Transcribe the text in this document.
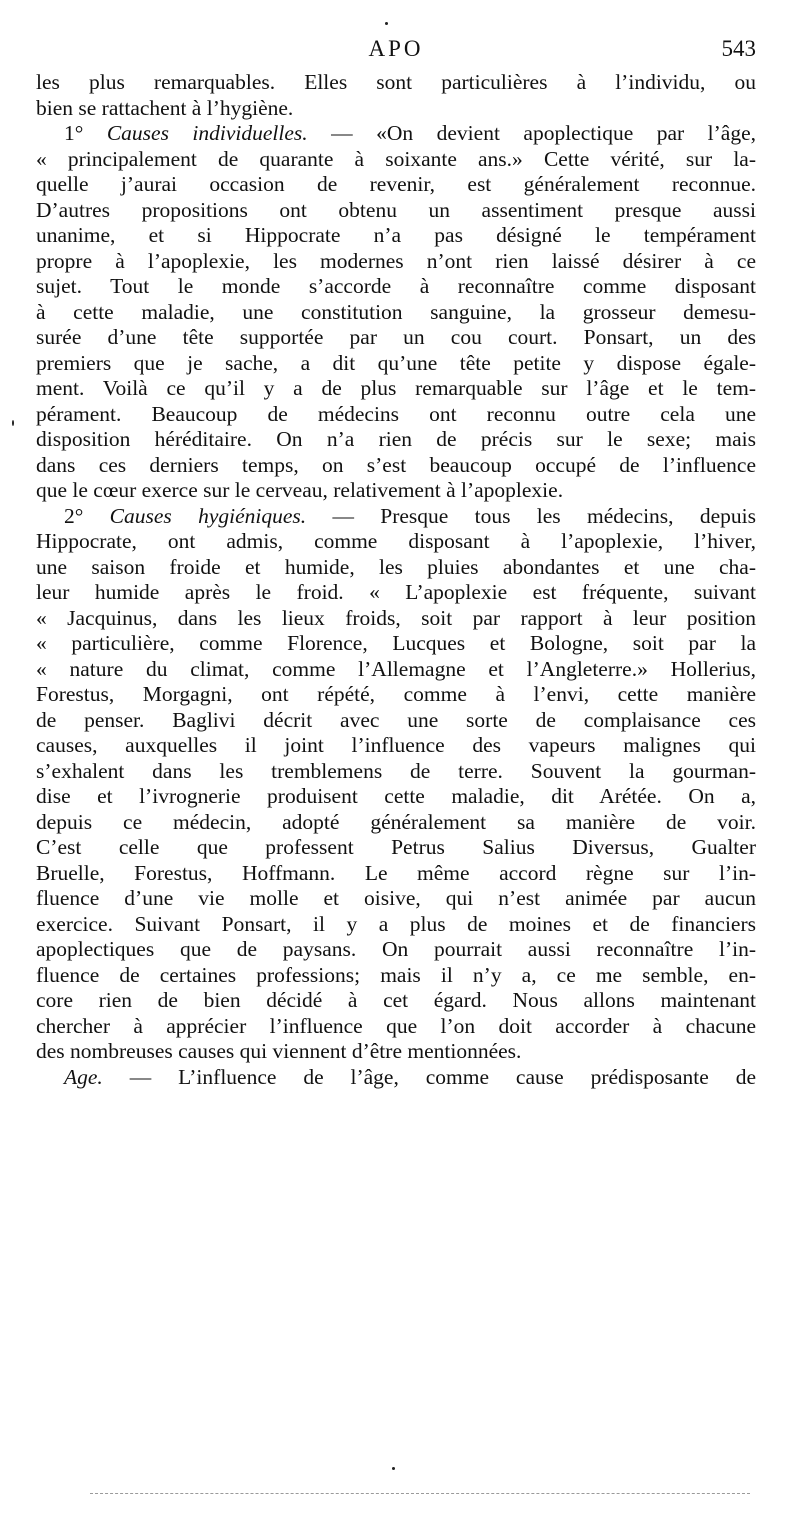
APO	543
les plus remarquables. Elles sont particulières à l’individu, ou
bien se rattachent à l’hygiène.
1° Causes individuelles. — «On devient apoplectique par l’âge,
« principalement de quarante à soixante ans.» Cette vérité, sur la-
quelle j’aurai occasion de revenir, est généralement reconnue.
D’autres propositions ont obtenu un assentiment presque aussi
unanime, et si Hippocrate n’a pas désigné le tempérament
propre à l’apoplexie, les modernes n’ont rien laissé désirer à ce
sujet. Tout le monde s’accorde à reconnaître comme disposant
à cette maladie, une constitution sanguine, la grosseur demesu-
surée d’une tête supportée par un cou court. Ponsart, un des
premiers que je sache, a dit qu’une tête petite y dispose égale-
ment. Voilà ce qu’il y a de plus remarquable sur l’âge et le tem-
pérament. Beaucoup de médecins ont reconnu outre cela une
disposition héréditaire. On n’a rien de précis sur le sexe; mais
dans ces derniers temps, on s’est beaucoup occupé de l’influence
que le cœur exerce sur le cerveau, relativement à l’apoplexie.
2° Causes hygiéniques. — Presque tous les médecins, depuis
Hippocrate, ont admis, comme disposant à l’apoplexie, l’hiver,
une saison froide et humide, les pluies abondantes et une cha-
leur humide après le froid. « L’apoplexie est fréquente, suivant
« Jacquinus, dans les lieux froids, soit par rapport à leur position
« particulière, comme Florence, Lucques et Bologne, soit par la
« nature du climat, comme l’Allemagne et l’Angleterre.» Hollerius,
Forestus, Morgagni, ont répété, comme à l’envi, cette manière
de penser. Baglivi décrit avec une sorte de complaisance ces
causes, auxquelles il joint l’influence des vapeurs malignes qui
s’exhalent dans les tremblemens de terre. Souvent la gourman-
dise et l’ivrognerie produisent cette maladie, dit Arétée. On a,
depuis ce médecin, adopté généralement sa manière de voir.
C’est celle que professent Petrus Salius Diversus, Gualter
Bruelle, Forestus, Hoffmann. Le même accord règne sur l’in-
fluence d’une vie molle et oisive, qui n’est animée par aucun
exercice. Suivant Ponsart, il y a plus de moines et de financiers
apoplectiques que de paysans. On pourrait aussi reconnaître l’in-
fluence de certaines professions; mais il n’y a, ce me semble, en-
core rien de bien décidé à cet égard. Nous allons maintenant
chercher à apprécier l’influence que l’on doit accorder à chacune
des nombreuses causes qui viennent d’être mentionnées.
Age. — L’influence de l’âge, comme cause prédisposante de
